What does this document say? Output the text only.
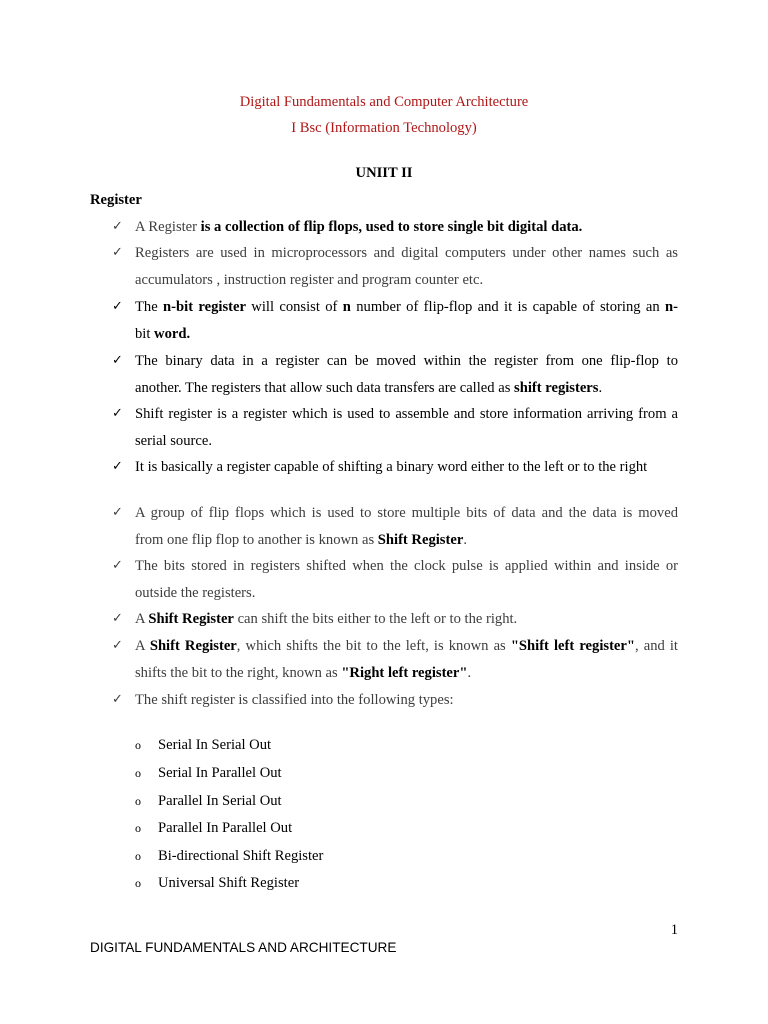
Digital Fundamentals and Computer Architecture
I Bsc (Information Technology)
UNIIT II
Register
✓ A Register is a collection of flip flops, used to store single bit digital data.
✓ Registers are used in microprocessors and digital computers under other names such as
accumulators , instruction register and program counter etc.
✓ The n-bit register will consist of n number of flip-flop and it is capable of storing an n-
bit word.
✓ The binary data in a register can be moved within the register from one flip-flop to
another. The registers that allow such data transfers are called as shift registers.
✓ Shift register is a register which is used to assemble and store information arriving from a
serial source.
✓ It is basically a register capable of shifting a binary word either to the left or to the right
✓ A group of flip flops which is used to store multiple bits of data and the data is moved
from one flip flop to another is known as Shift Register.
✓ The bits stored in registers shifted when the clock pulse is applied within and inside or
outside the registers.
✓ A Shift Register can shift the bits either to the left or to the right.
✓ A Shift Register, which shifts the bit to the left, is known as "Shift left register", and it
shifts the bit to the right, known as "Right left register".
✓ The shift register is classified into the following types:
o Serial In Serial Out
o Serial In Parallel Out
o Parallel In Serial Out
o Parallel In Parallel Out
o Bi-directional Shift Register
o Universal Shift Register
1
DIGITAL FUNDAMENTALS AND ARCHITECTURE
